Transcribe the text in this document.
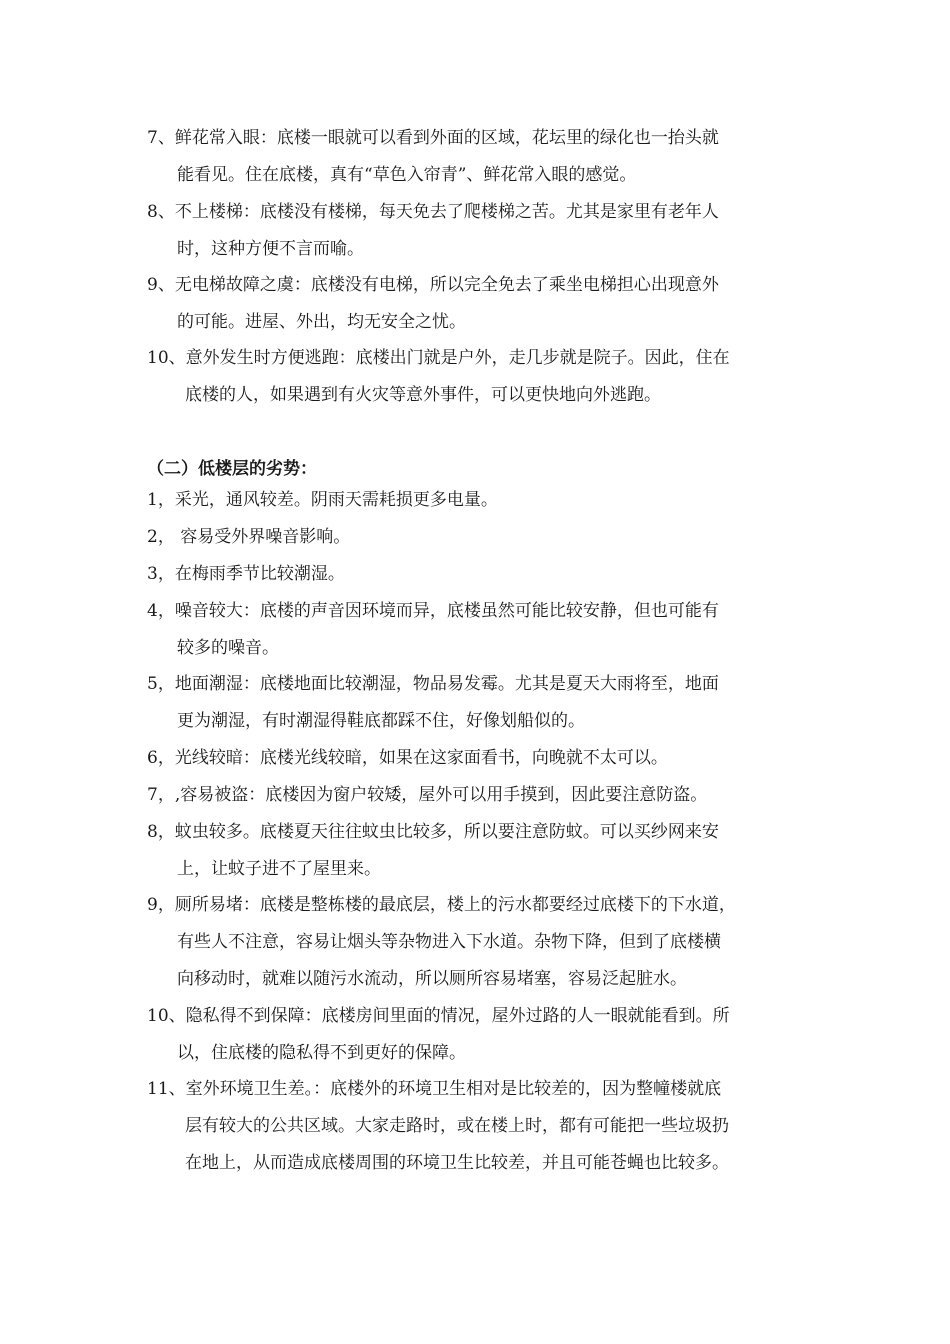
7、鲜花常入眼：底楼一眼就可以看到外面的区域，花坛里的绿化也一抬头就
能看见。住在底楼，真有“草色入帘青”、鲜花常入眼的感觉。
8、不上楼梯：底楼没有楼梯，每天免去了爬楼梯之苦。尤其是家里有老年人
时，这种方便不言而喻。
9、无电梯故障之虞：底楼没有电梯，所以完全免去了乘坐电梯担心出现意外
的可能。进屋、外出，均无安全之忧。
10、意外发生时方便逃跑：底楼出门就是户外，走几步就是院子。因此，住在
底楼的人，如果遇到有火灾等意外事件，可以更快地向外逃跑。
（二）低楼层的劣势：
1，采光，通风较差。阴雨天需耗损更多电量。
2， 容易受外界噪音影响。
3，在梅雨季节比较潮湿。
4，噪音较大：底楼的声音因环境而异，底楼虽然可能比较安静，但也可能有
较多的噪音。
5，地面潮湿：底楼地面比较潮湿，物品易发霉。尤其是夏天大雨将至，地面
更为潮湿，有时潮湿得鞋底都踩不住，好像划船似的。
6，光线较暗：底楼光线较暗，如果在这家面看书，向晚就不太可以。
7，,容易被盗：底楼因为窗户较矮，屋外可以用手摸到，因此要注意防盗。
8，蚊虫较多。底楼夏天往往蚊虫比较多，所以要注意防蚊。可以买纱网来安
上，让蚊子进不了屋里来。
9，厕所易堵：底楼是整栋楼的最底层，楼上的污水都要经过底楼下的下水道，
有些人不注意，容易让烟头等杂物进入下水道。杂物下降，但到了底楼横
向移动时，就难以随污水流动，所以厕所容易堵塞，容易泛起脏水。
10、隐私得不到保障：底楼房间里面的情况，屋外过路的人一眼就能看到。所
以，住底楼的隐私得不到更好的保障。
11、室外环境卫生差。：底楼外的环境卫生相对是比较差的，因为整幢楼就底
层有较大的公共区域。大家走路时，或在楼上时，都有可能把一些垃圾扔
在地上，从而造成底楼周围的环境卫生比较差，并且可能苍蝇也比较多。
